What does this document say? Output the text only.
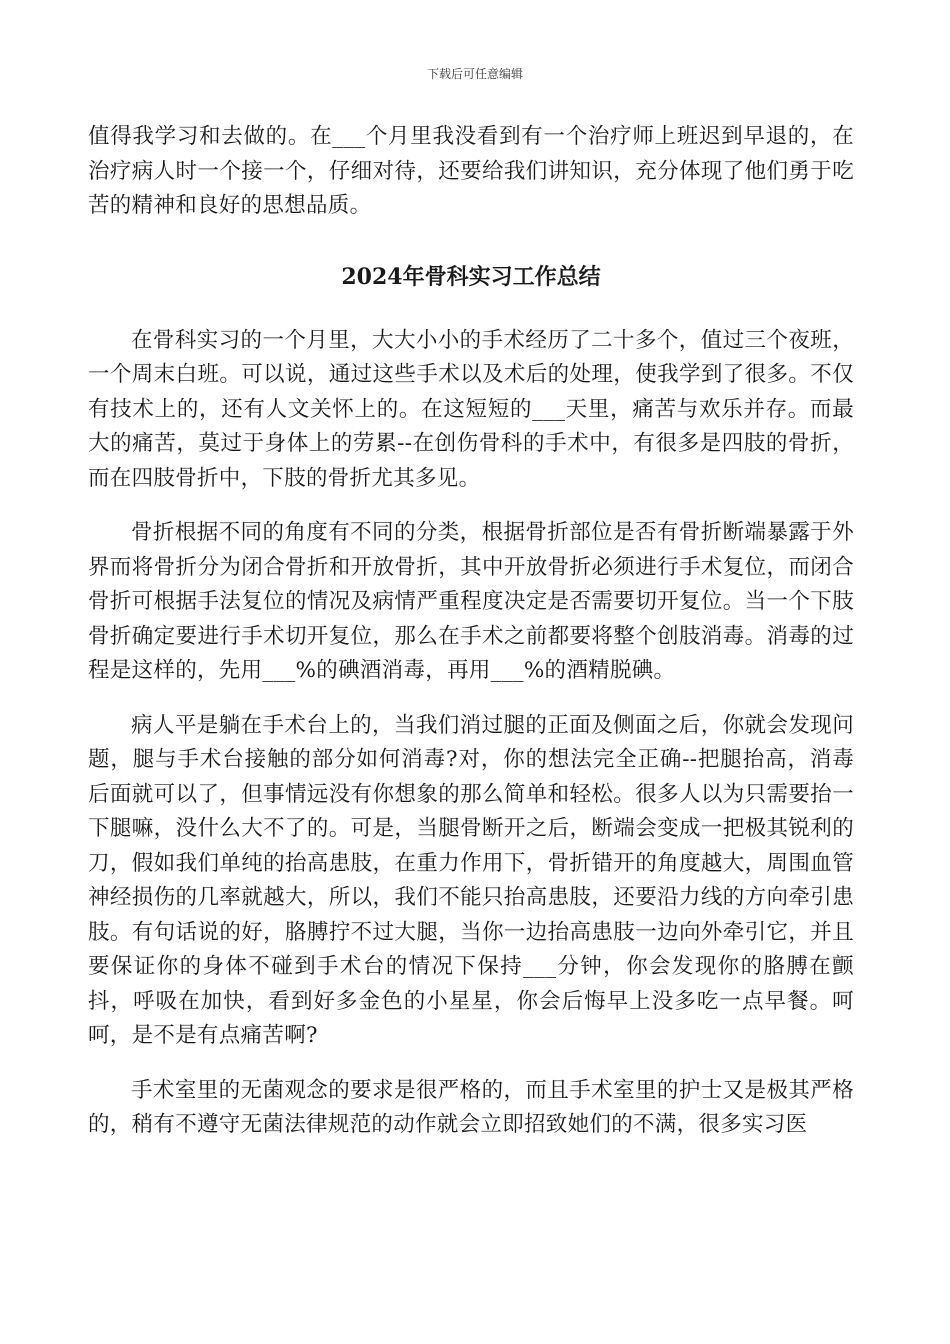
下载后可任意编辑

值得我学习和去做的。在___个月里我没看到有一个治疗师上班迟到早退的，在治疗病人时一个接一个，仔细对待，还要给我们讲知识，充分体现了他们勇于吃苦的精神和良好的思想品质。

2024年骨科实习工作总结

在骨科实习的一个月里，大大小小的手术经历了二十多个，值过三个夜班，一个周末白班。可以说，通过这些手术以及术后的处理，使我学到了很多。不仅有技术上的，还有人文关怀上的。在这短短的___天里，痛苦与欢乐并存。而最大的痛苦，莫过于身体上的劳累--在创伤骨科的手术中，有很多是四肢的骨折，而在四肢骨折中，下肢的骨折尤其多见。

骨折根据不同的角度有不同的分类，根据骨折部位是否有骨折断端暴露于外界而将骨折分为闭合骨折和开放骨折，其中开放骨折必须进行手术复位，而闭合骨折可根据手法复位的情况及病情严重程度决定是否需要切开复位。当一个下肢骨折确定要进行手术切开复位，那么在手术之前都要将整个创肢消毒。消毒的过程是这样的，先用___%的碘酒消毒，再用___%的酒精脱碘。

病人平是躺在手术台上的，当我们消过腿的正面及侧面之后，你就会发现问题，腿与手术台接触的部分如何消毒?对，你的想法完全正确--把腿抬高，消毒后面就可以了，但事情远没有你想象的那么简单和轻松。很多人以为只需要抬一下腿嘛，没什么大不了的。可是，当腿骨断开之后，断端会变成一把极其锐利的刀，假如我们单纯的抬高患肢，在重力作用下，骨折错开的角度越大，周围血管神经损伤的几率就越大，所以，我们不能只抬高患肢，还要沿力线的方向牵引患肢。有句话说的好，胳膊拧不过大腿，当你一边抬高患肢一边向外牵引它，并且要保证你的身体不碰到手术台的情况下保持___分钟，你会发现你的胳膊在颤抖，呼吸在加快，看到好多金色的小星星，你会后悔早上没多吃一点早餐。呵呵，是不是有点痛苦啊?

手术室里的无菌观念的要求是很严格的，而且手术室里的护士又是极其严格的，稍有不遵守无菌法律规范的动作就会立即招致她们的不满，很多实习医
